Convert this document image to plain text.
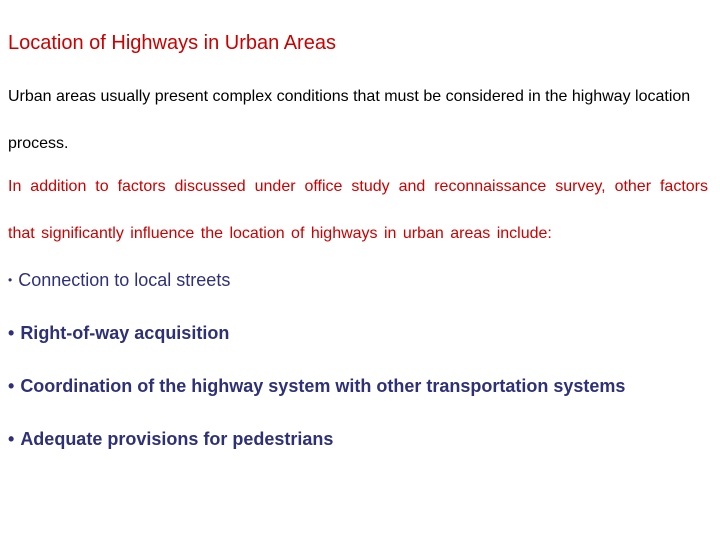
Location of Highways in Urban Areas

Urban areas usually present complex conditions that must be considered in the highway location process.

In addition to factors discussed under office study and reconnaissance survey, other factors that significantly influence the location of highways in urban areas include:

• Connection to local streets
• Right-of-way acquisition
• Coordination of the highway system with other transportation systems
• Adequate provisions for pedestrians
